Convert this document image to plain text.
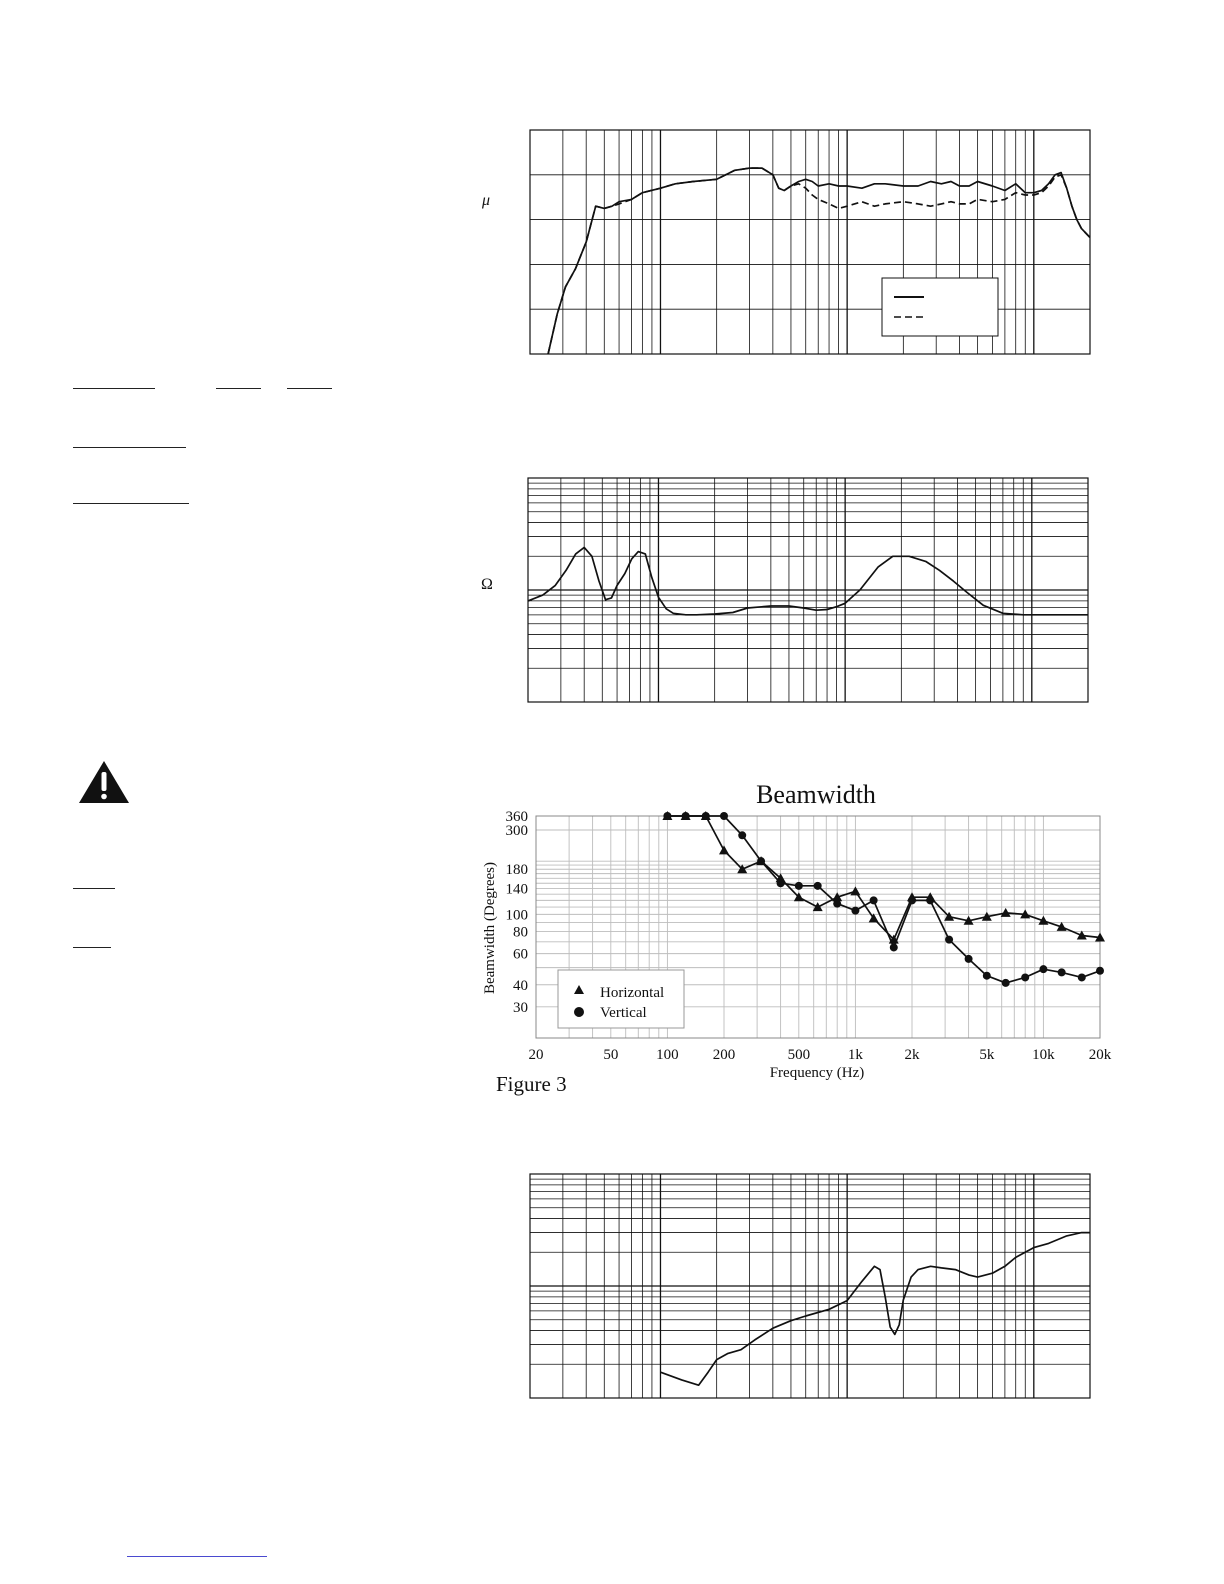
μ
Ω
Beamwidth
Beamwidth (Degrees)
Frequency (Hz)
Figure 3
30
40
60
80
100
140
180
300
360
20	50	100 200	500	1k	2k	5k	10k 20k
Horizontal
Vertical
